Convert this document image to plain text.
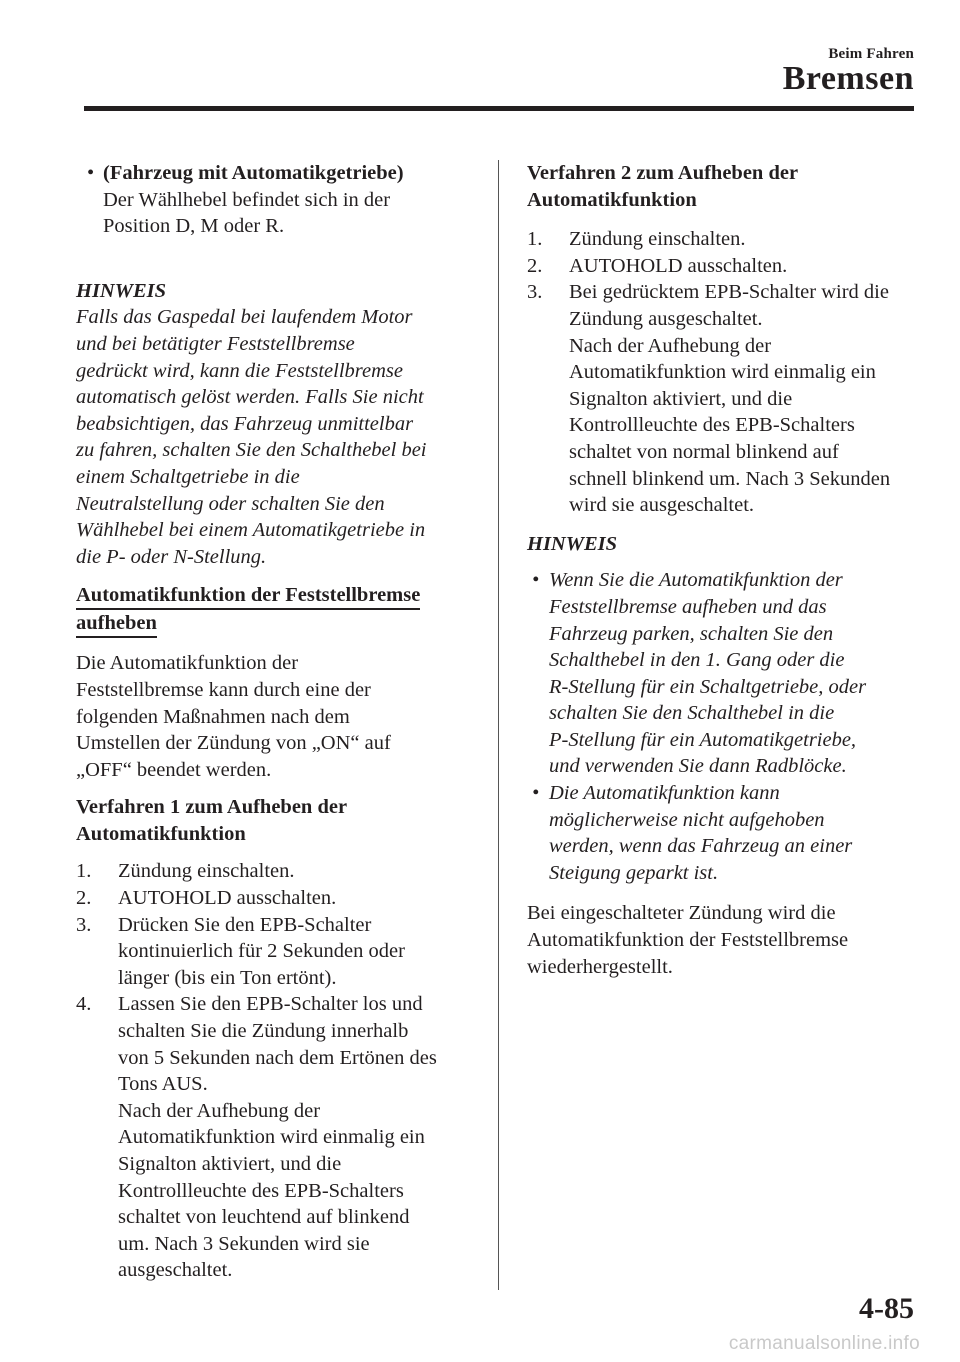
Beim Fahren
Bremsen
• (Fahrzeug mit Automatikgetriebe)

Der Wählhebel befindet sich in der

Position D, M oder R.

HINWEIS

Falls das Gaspedal bei laufendem Motor

und bei betätigter Feststellbremse

gedrückt wird, kann die Feststellbremse

automatisch gelöst werden. Falls Sie nicht

beabsichtigen, das Fahrzeug unmittelbar

zu fahren, schalten Sie den Schalthebel bei

einem Schaltgetriebe in die

Neutralstellung oder schalten Sie den

Wählhebel bei einem Automatikgetriebe in

die P- oder N-Stellung.

Automatikfunktion der Feststellbremse
aufheben

Die Automatikfunktion der

Feststellbremse kann durch eine der

folgenden Maßnahmen nach dem

Umstellen der Zündung von „ON“ auf

„OFF“ beendet werden.

Verfahren 1 zum Aufheben der

Automatikfunktion

1. Zündung einschalten.

2. AUTOHOLD ausschalten.

3. Drücken Sie den EPB-Schalter

kontinuierlich für 2 Sekunden oder

länger (bis ein Ton ertönt).

4. Lassen Sie den EPB-Schalter los und

schalten Sie die Zündung innerhalb

von 5 Sekunden nach dem Ertönen des

Tons AUS.

Nach der Aufhebung der

Automatikfunktion wird einmalig ein

Signalton aktiviert, und die

Kontrollleuchte des EPB-Schalters

schaltet von leuchtend auf blinkend

um. Nach 3 Sekunden wird sie

ausgeschaltet.

Verfahren 2 zum Aufheben der

Automatikfunktion

1. Zündung einschalten.

2. AUTOHOLD ausschalten.

3. Bei gedrücktem EPB-Schalter wird die

Zündung ausgeschaltet.

Nach der Aufhebung der

Automatikfunktion wird einmalig ein

Signalton aktiviert, und die

Kontrollleuchte des EPB-Schalters

schaltet von normal blinkend auf

schnell blinkend um. Nach 3 Sekunden

wird sie ausgeschaltet.

HINWEIS

• Wenn Sie die Automatikfunktion der

Feststellbremse aufheben und das

Fahrzeug parken, schalten Sie den

Schalthebel in den 1. Gang oder die

R-Stellung für ein Schaltgetriebe, oder

schalten Sie den Schalthebel in die

P-Stellung für ein Automatikgetriebe,

und verwenden Sie dann Radblöcke.

• Die Automatikfunktion kann

möglicherweise nicht aufgehoben

werden, wenn das Fahrzeug an einer

Steigung geparkt ist.

Bei eingeschalteter Zündung wird die

Automatikfunktion der Feststellbremse

wiederhergestellt.

4-85
carmanualsonline.info
